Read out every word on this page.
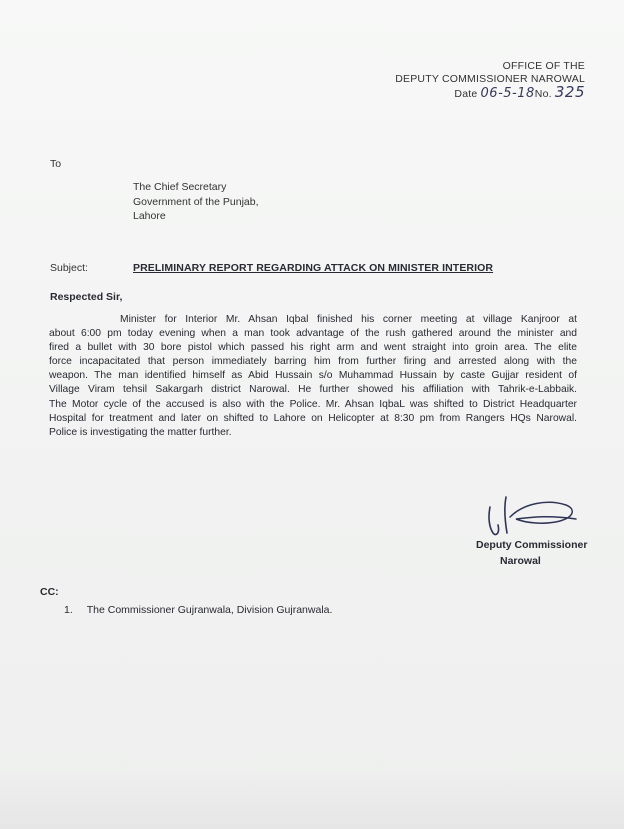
OFFICE OF THE
DEPUTY COMMISSIONER NAROWAL
Date 06-5-18No. 325
To
The Chief Secretary
Government of the Punjab,
Lahore
Subject:	PRELIMINARY REPORT REGARDING ATTACK ON MINISTER INTERIOR
Respected Sir,
Minister for Interior Mr. Ahsan Iqbal finished his corner meeting at village Kanjroor at
about 6:00 pm today evening when a man took advantage of the rush gathered around the minister and
fired a bullet with 30 bore pistol which passed his right arm and went straight into groin area. The elite
force incapacitated that person immediately barring him from further firing and arrested along with the
weapon. The man identified himself as Abid Hussain s/o Muhammad Hussain by caste Gujjar resident of
Village Viram tehsil Sakargarh district Narowal. He further showed his affiliation with Tahrik-e-Labbaik.
The Motor cycle of the accused is also with the Police. Mr. Ahsan IqbaL was shifted to District Headquarter
Hospital for treatment and later on shifted to Lahore on Helicopter at 8:30 pm from Rangers HQs Narowal.
Police is investigating the matter further.
Deputy Commissioner
Narowal
CC:
1. The Commissioner Gujranwala, Division Gujranwala.
